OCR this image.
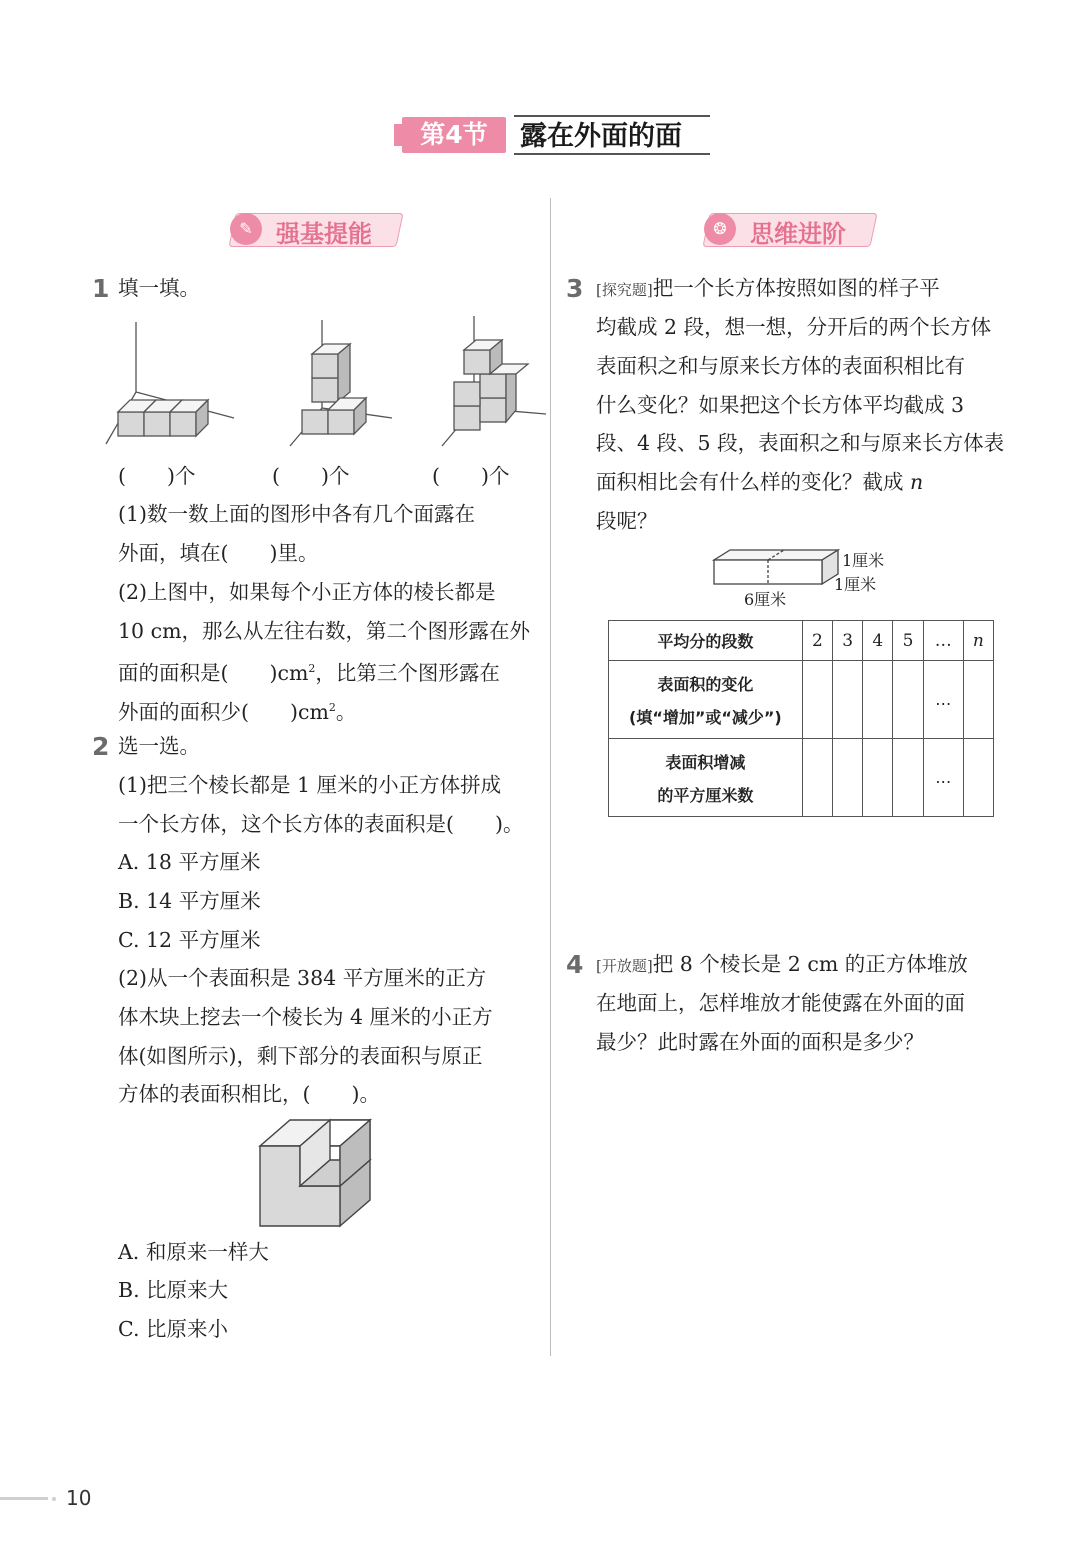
第4节	露在外面的面
✎ 强基提能	❂ 思维进阶
1 填一填。
(　　)个	(　　)个	(　　)个
(1)数一数上面的图形中各有几个面露在
外面，填在(　　)里。
(2)上图中，如果每个小正方体的棱长都是
10 cm，那么从左往右数，第二个图形露在外
面的面积是(　　)$cm^2$，比第三个图形露在
外面的面积少(　　)$cm^2$。
2 选一选。
(1)把三个棱长都是 1 厘米的小正方体拼成
一个长方体，这个长方体的表面积是(　　)。
A. 18 平方厘米
B. 14 平方厘米
C. 12 平方厘米
(2)从一个表面积是 384 平方厘米的正方
体木块上挖去一个棱长为 4 厘米的小正方
体(如图所示)，剩下部分的表面积与原正
方体的表面积相比，(　　)。
A. 和原来一样大
B. 比原来大
C. 比原来小
3 [探究题]把一个长方体按照如图的样子平
均截成 2 段，想一想，分开后的两个长方体
表面积之和与原来长方体的表面积相比有
什么变化？如果把这个长方体平均截成 3
段、4 段、5 段，表面积之和与原来长方体表
面积相比会有什么样的变化？截成 n
段呢？
1厘米
1厘米
6厘米
平均分的段数	2	3	4	5	…	n

表面积的变化
(填“增加”或“减少”)					…	

表面积增减
的平方厘米数					…	
4 [开放题]把 8 个棱长是 2 cm 的正方体堆放
在地面上，怎样堆放才能使露在外面的面
最少？此时露在外面的面积是多少？
10
